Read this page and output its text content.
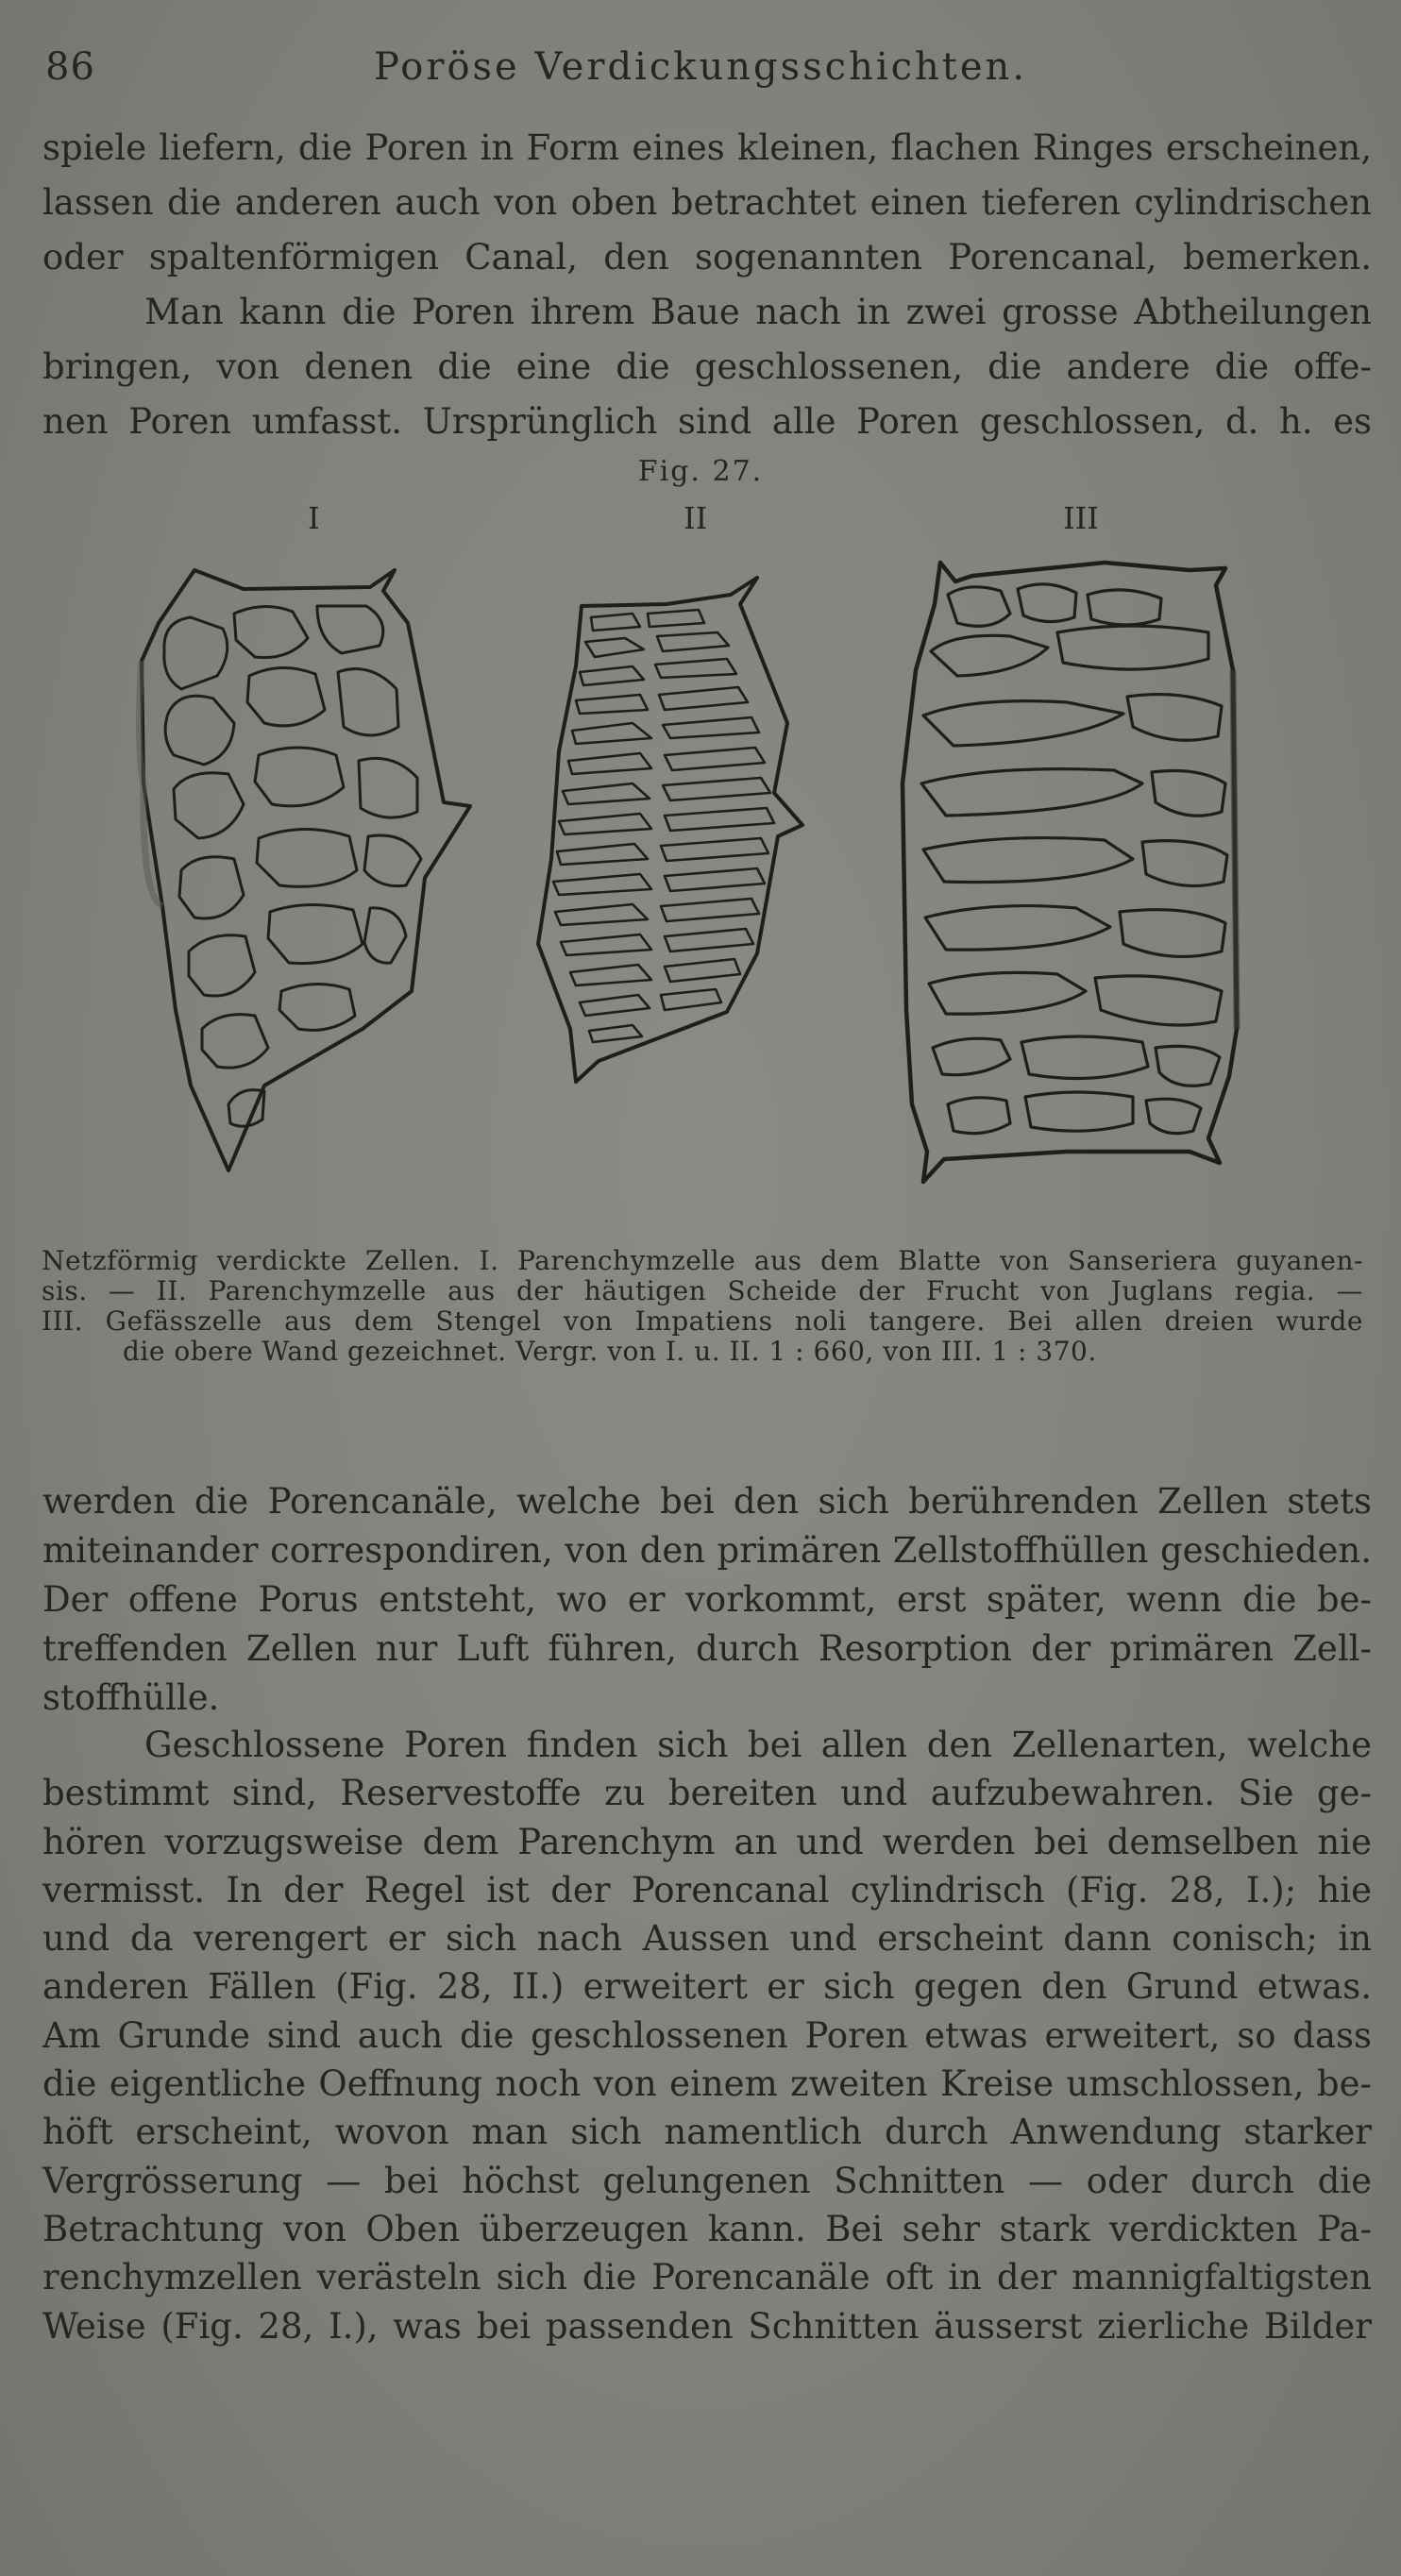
86	Poröse Verdickungsschichten.
spiele liefern, die Poren in Form eines kleinen, flachen Ringes erscheinen,
lassen die anderen auch von oben betrachtet einen tieferen cylindrischen
oder spaltenförmigen Canal, den sogenannten Porencanal, bemerken.
Man kann die Poren ihrem Baue nach in zwei grosse Abtheilungen
bringen, von denen die eine die geschlossenen, die andere die offe-
nen Poren umfasst. Ursprünglich sind alle Poren geschlossen, d. h. es
Fig. 27.
I	II	III
Netzförmig verdickte Zellen. I. Parenchymzelle aus dem Blatte von Sanseriera guyanen-
sis. — II. Parenchymzelle aus der häutigen Scheide der Frucht von Juglans regia. —
III. Gefässzelle aus dem Stengel von Impatiens noli tangere. Bei allen dreien wurde
die obere Wand gezeichnet. Vergr. von I. u. II. 1 : 660, von III. 1 : 370.
werden die Porencanäle, welche bei den sich berührenden Zellen stets
miteinander correspondiren, von den primären Zellstoffhüllen geschieden.
Der offene Porus entsteht, wo er vorkommt, erst später, wenn die be-
treffenden Zellen nur Luft führen, durch Resorption der primären Zell-
stoffhülle.
Geschlossene Poren finden sich bei allen den Zellenarten, welche
bestimmt sind, Reservestoffe zu bereiten und aufzubewahren. Sie ge-
hören vorzugsweise dem Parenchym an und werden bei demselben nie
vermisst. In der Regel ist der Porencanal cylindrisch (Fig. 28, I.); hie
und da verengert er sich nach Aussen und erscheint dann conisch; in
anderen Fällen (Fig. 28, II.) erweitert er sich gegen den Grund etwas.
Am Grunde sind auch die geschlossenen Poren etwas erweitert, so dass
die eigentliche Oeffnung noch von einem zweiten Kreise umschlossen, be-
höft erscheint, wovon man sich namentlich durch Anwendung starker
Vergrösserung — bei höchst gelungenen Schnitten — oder durch die
Betrachtung von Oben überzeugen kann. Bei sehr stark verdickten Pa-
renchymzellen verästeln sich die Porencanäle oft in der mannigfaltigsten
Weise (Fig. 28, I.), was bei passenden Schnitten äusserst zierliche Bilder
